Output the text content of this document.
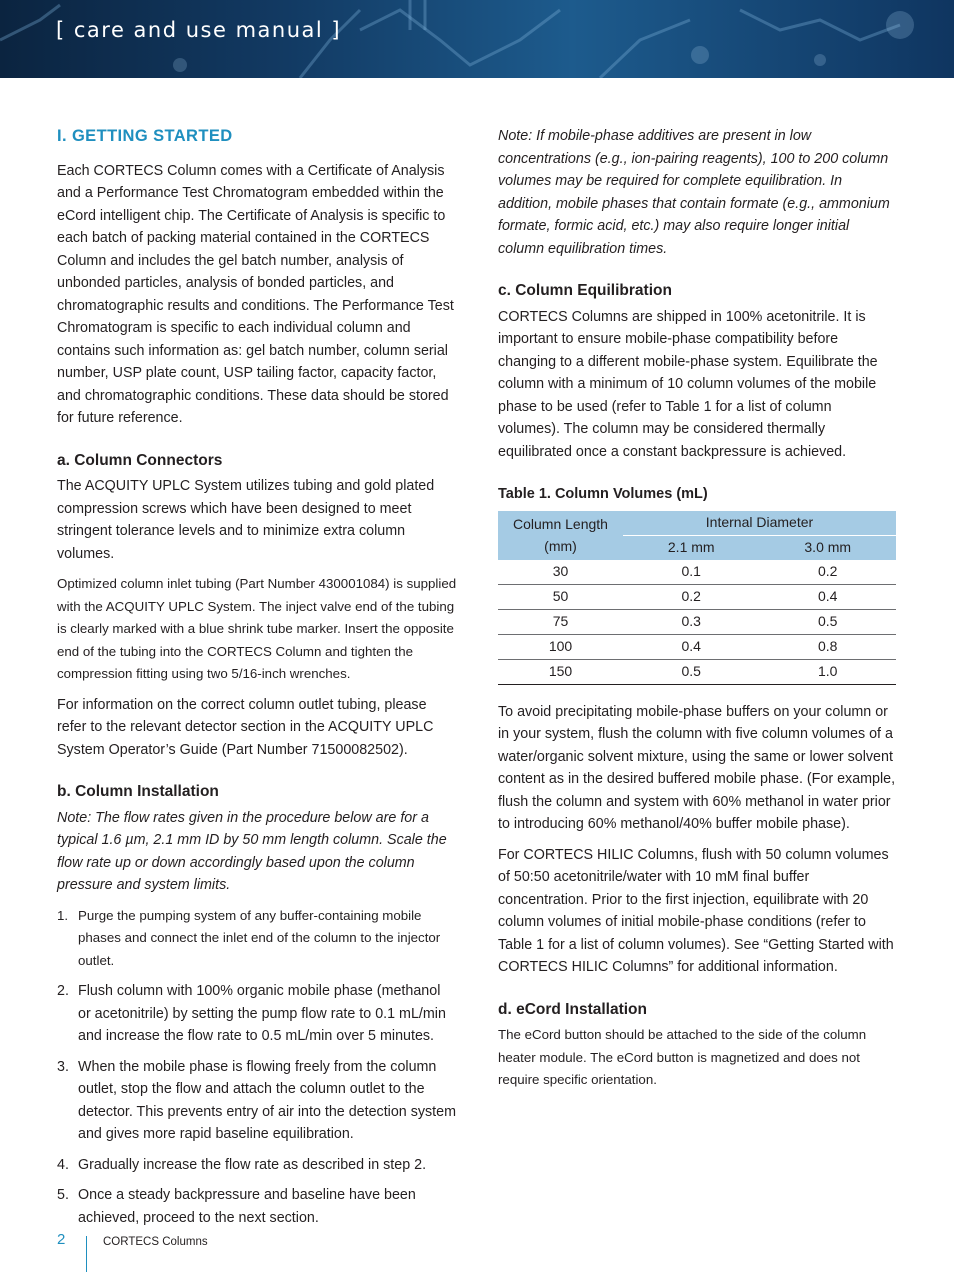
[ care and use manual ]
I. GETTING STARTED

Each CORTECS Column comes with a Certificate of Analysis and a Performance Test Chromatogram embedded within the eCord intelligent chip. The Certificate of Analysis is specific to each batch of packing material contained in the CORTECS Column and includes the gel batch number, analysis of unbonded particles, analysis of bonded particles, and chromatographic results and conditions. The Performance Test Chromatogram is specific to each individual column and contains such information as: gel batch number, column serial number, USP plate count, USP tailing factor, capacity factor, and chromatographic conditions. These data should be stored for future reference.

a. Column Connectors

The ACQUITY UPLC System utilizes tubing and gold plated compression screws which have been designed to meet stringent tolerance levels and to minimize extra column volumes.

Optimized column inlet tubing (Part Number 430001084) is supplied with the ACQUITY UPLC System. The inject valve end of the tubing is clearly marked with a blue shrink tube marker. Insert the opposite end of the tubing into the CORTECS Column and tighten the compression fitting using two 5/16-inch wrenches.

For information on the correct column outlet tubing, please refer to the relevant detector section in the ACQUITY UPLC System Operator’s Guide (Part Number 71500082502).

b. Column Installation

Note: The flow rates given in the procedure below are for a typical 1.6 µm, 2.1 mm ID by 50 mm length column. Scale the flow rate up or down accordingly based upon the column pressure and system limits.

1. Purge the pumping system of any buffer-containing mobile phases and connect the inlet end of the column to the injector outlet.
2. Flush column with 100% organic mobile phase (methanol or acetonitrile) by setting the pump flow rate to 0.1 mL/min and increase the flow rate to 0.5 mL/min over 5 minutes.
3. When the mobile phase is flowing freely from the column outlet, stop the flow and attach the column outlet to the detector. This prevents entry of air into the detection system and gives more rapid baseline equilibration.
4. Gradually increase the flow rate as described in step 2.
5. Once a steady backpressure and baseline have been achieved, proceed to the next section.

Note: If mobile-phase additives are present in low concentrations (e.g., ion-pairing reagents), 100 to 200 column volumes may be required for complete equilibration. In addition, mobile phases that contain formate (e.g., ammonium formate, formic acid, etc.) may also require longer initial column equilibration times.

c. Column Equilibration

CORTECS Columns are shipped in 100% acetonitrile. It is important to ensure mobile-phase compatibility before changing to a different mobile-phase system. Equilibrate the column with a minimum of 10 column volumes of the mobile phase to be used (refer to Table 1 for a list of column volumes). The column may be considered thermally equilibrated once a constant backpressure is achieved.

Table 1. Column Volumes (mL)

Column Length (mm)	Internal Diameter	
	2.1 mm	3.0 mm
30	0.1	0.2
50	0.2	0.4
75	0.3	0.5
100	0.4	0.8
150	0.5	1.0

To avoid precipitating mobile-phase buffers on your column or in your system, flush the column with five column volumes of a water/organic solvent mixture, using the same or lower solvent content as in the desired buffered mobile phase. (For example, flush the column and system with 60% methanol in water prior to introducing 60% methanol/40% buffer mobile phase).

For CORTECS HILIC Columns, flush with 50 column volumes of 50:50 acetonitrile/water with 10 mM final buffer concentration. Prior to the first injection, equilibrate with 20 column volumes of initial mobile-phase conditions (refer to Table 1 for a list of column volumes). See “Getting Started with CORTECS HILIC Columns” for additional information.

d. eCord Installation

The eCord button should be attached to the side of the column heater module. The eCord button is magnetized and does not require specific orientation.

2	CORTECS Columns
